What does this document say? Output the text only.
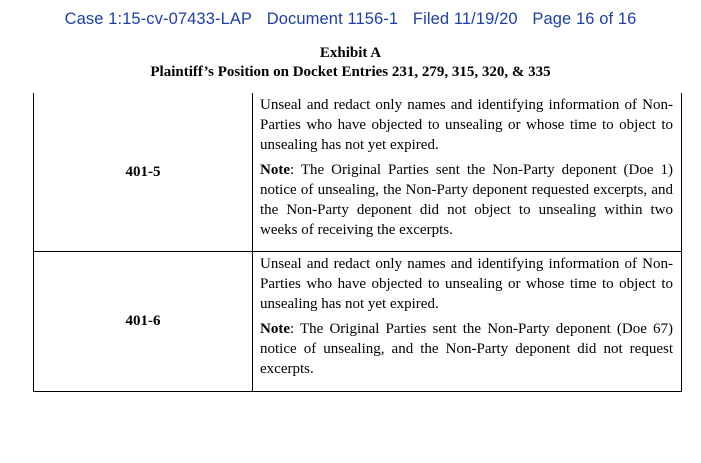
Case 1:15-cv-07433-LAP Document 1156-1 Filed 11/19/20 Page 16 of 16
Exhibit A
Plaintiff’s Position on Docket Entries 231, 279, 315, 320, & 335
401-5

Unseal and redact only names and identifying information of Non-Parties who have objected to unsealing or whose time to object to unsealing has not yet expired.

Note: The Original Parties sent the Non-Party deponent (Doe 1) notice of unsealing, the Non-Party deponent requested excerpts, and the Non-Party deponent did not object to unsealing within two weeks of receiving the excerpts.

401-6

Unseal and redact only names and identifying information of Non-Parties who have objected to unsealing or whose time to object to unsealing has not yet expired.

Note: The Original Parties sent the Non-Party deponent (Doe 67) notice of unsealing, and the Non-Party deponent did not request excerpts.
